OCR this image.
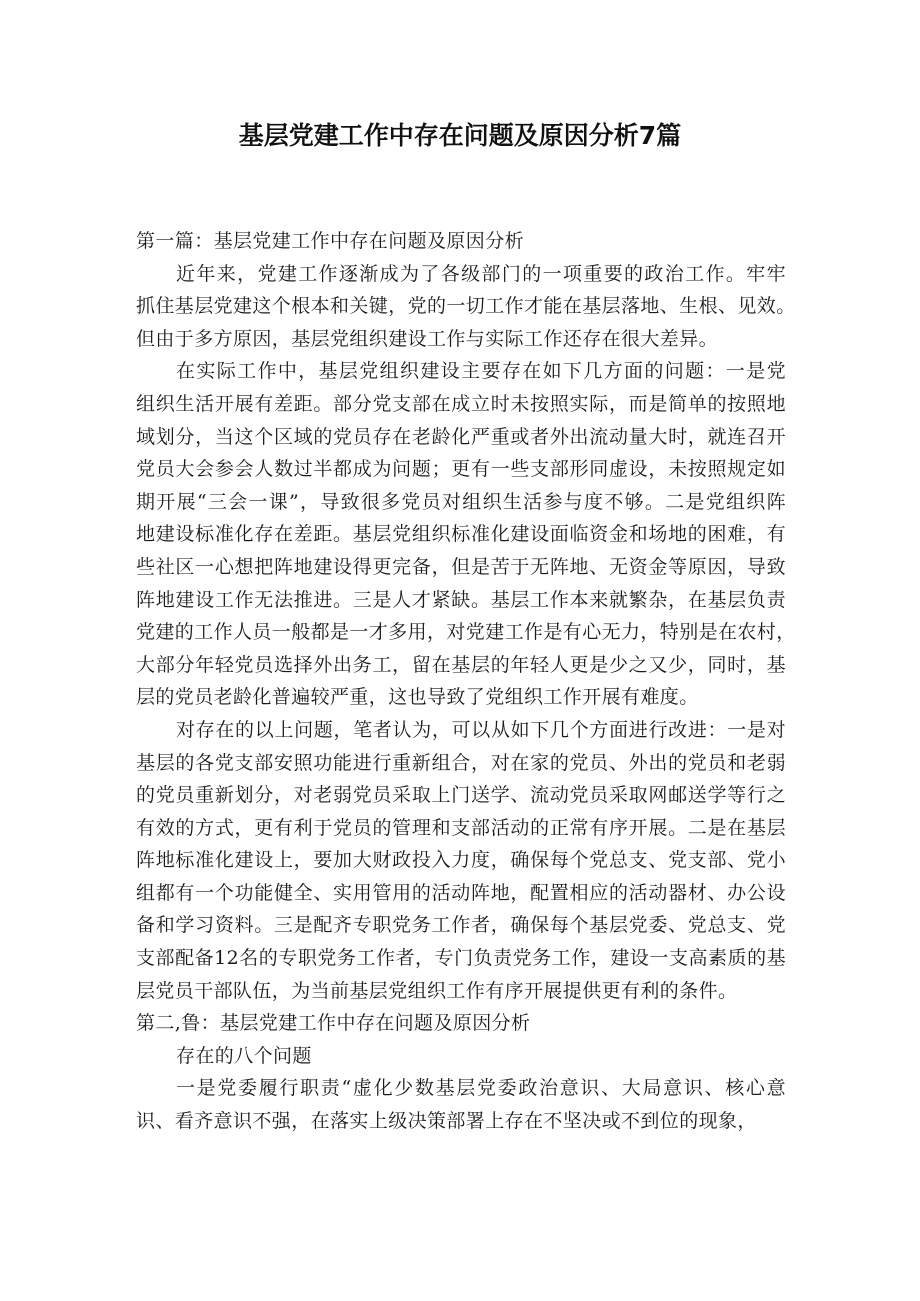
基层党建工作中存在问题及原因分析7篇

第一篇：基层党建工作中存在问题及原因分析

近年来，党建工作逐渐成为了各级部门的一项重要的政治工作。牢牢
抓住基层党建这个根本和关键，党的一切工作才能在基层落地、生根、见效。
但由于多方原因，基层党组织建设工作与实际工作还存在很大差异。

在实际工作中，基层党组织建设主要存在如下几方面的问题：一是党
组织生活开展有差距。部分党支部在成立时未按照实际，而是简单的按照地
域划分，当这个区域的党员存在老龄化严重或者外出流动量大时，就连召开
党员大会参会人数过半都成为问题；更有一些支部形同虚设，未按照规定如
期开展“三会一课”，导致很多党员对组织生活参与度不够。二是党组织阵
地建设标准化存在差距。基层党组织标准化建设面临资金和场地的困难，有
些社区一心想把阵地建设得更完备，但是苦于无阵地、无资金等原因，导致
阵地建设工作无法推进。三是人才紧缺。基层工作本来就繁杂，在基层负责
党建的工作人员一般都是一才多用，对党建工作是有心无力，特别是在农村，
大部分年轻党员选择外出务工，留在基层的年轻人更是少之又少，同时，基
层的党员老龄化普遍较严重，这也导致了党组织工作开展有难度。

对存在的以上问题，笔者认为，可以从如下几个方面进行改进：一是对
基层的各党支部安照功能进行重新组合，对在家的党员、外出的党员和老弱
的党员重新划分，对老弱党员采取上门送学、流动党员采取网邮送学等行之
有效的方式，更有利于党员的管理和支部活动的正常有序开展。二是在基层
阵地标准化建设上，要加大财政投入力度，确保每个党总支、党支部、党小
组都有一个功能健全、实用管用的活动阵地，配置相应的活动器材、办公设
备和学习资料。三是配齐专职党务工作者，确保每个基层党委、党总支、党
支部配备12名的专职党务工作者，专门负责党务工作，建设一支高素质的基
层党员干部队伍，为当前基层党组织工作有序开展提供更有利的条件。

第二,鲁：基层党建工作中存在问题及原因分析

存在的八个问题

一是党委履行职责“虚化少数基层党委政治意识、大局意识、核心意
识、看齐意识不强，在落实上级决策部署上存在不坚决或不到位的现象，
